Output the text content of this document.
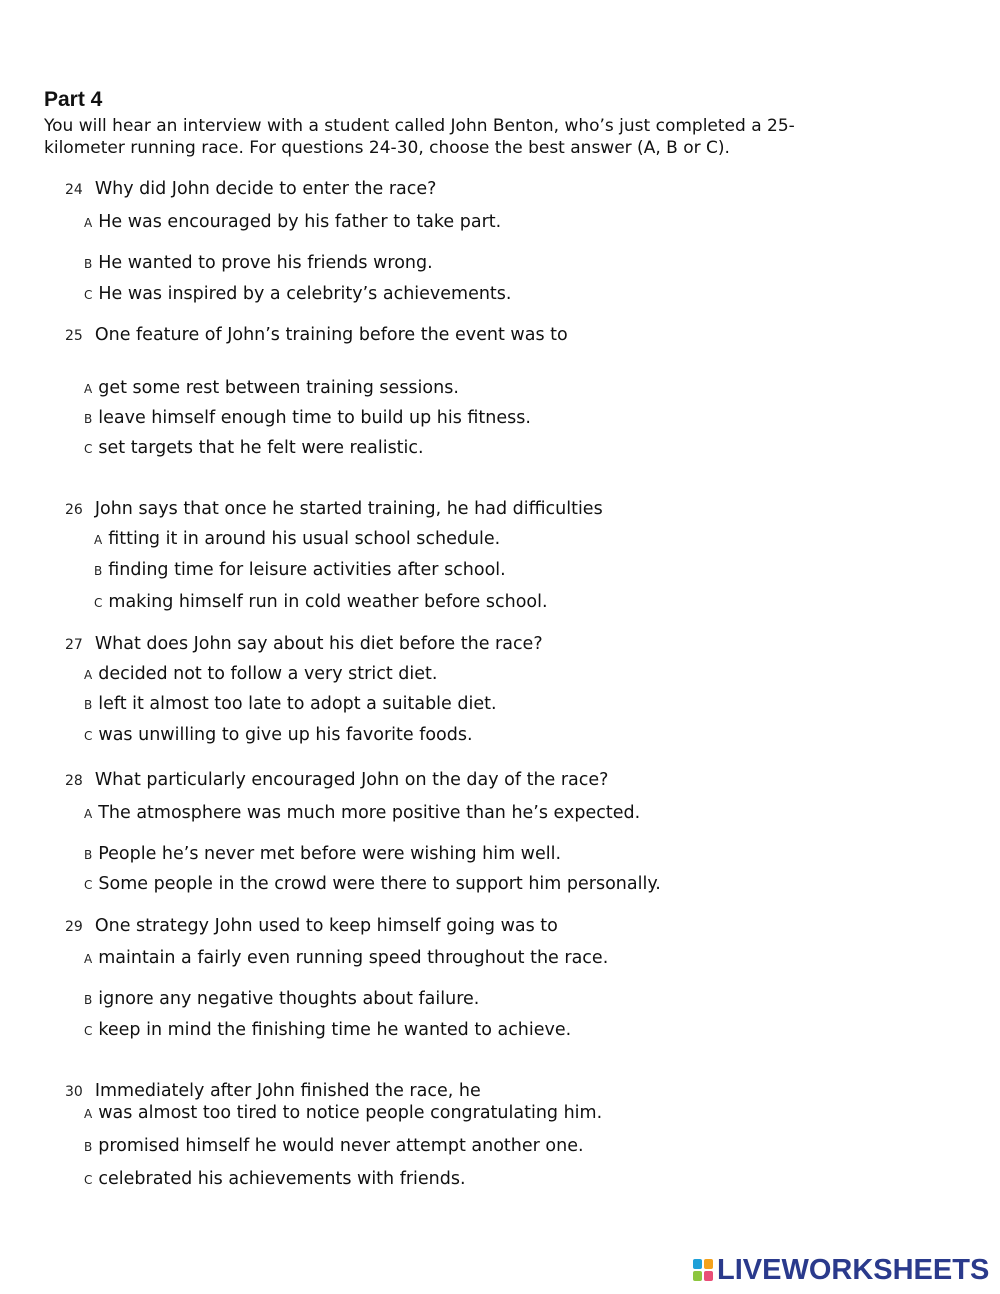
Part 4
You will hear an interview with a student called John Benton, who’s just completed a 25-kilometer running race. For questions 24-30, choose the best answer (A, B or C).
24 Why did John decide to enter the race?
A He was encouraged by his father to take part.
B He wanted to prove his friends wrong.
C He was inspired by a celebrity’s achievements.
25 One feature of John’s training before the event was to
A get some rest between training sessions.
B leave himself enough time to build up his fitness.
C set targets that he felt were realistic.
26 John says that once he started training, he had difficulties
A fitting it in around his usual school schedule.
B finding time for leisure activities after school.
C making himself run in cold weather before school.
27 What does John say about his diet before the race?
A decided not to follow a very strict diet.
B left it almost too late to adopt a suitable diet.
C was unwilling to give up his favorite foods.
28 What particularly encouraged John on the day of the race?
A The atmosphere was much more positive than he’s expected.
B People he’s never met before were wishing him well.
C Some people in the crowd were there to support him personally.
29 One strategy John used to keep himself going was to
A maintain a fairly even running speed throughout the race.
B ignore any negative thoughts about failure.
C keep in mind the finishing time he wanted to achieve.
30 Immediately after John finished the race, he
A was almost too tired to notice people congratulating him.
B promised himself he would never attempt another one.
C celebrated his achievements with friends.
LIVEWORKSHEETS
